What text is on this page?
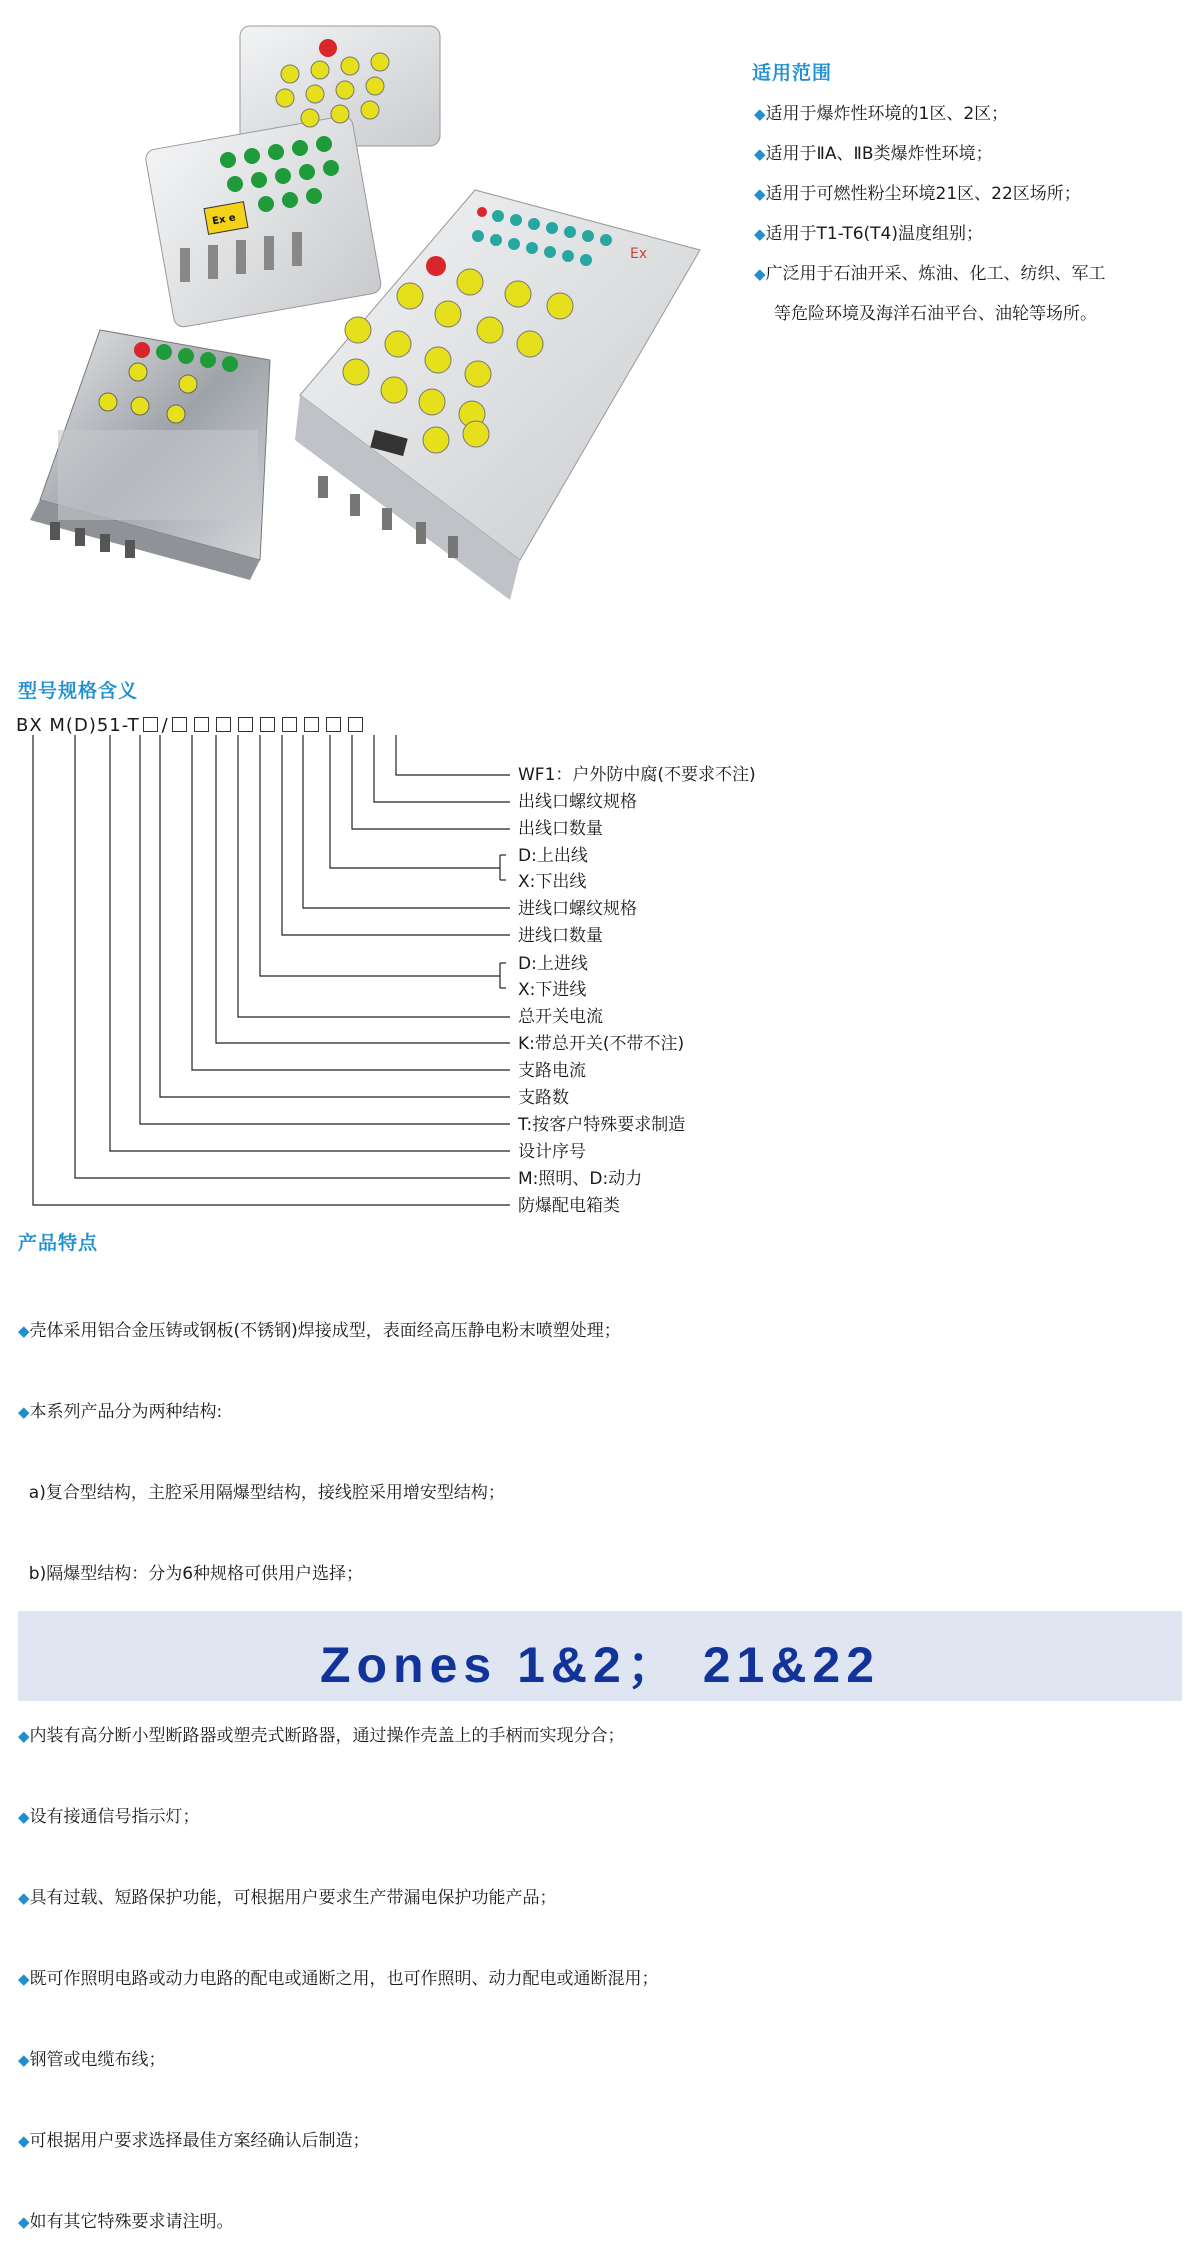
Ex e
Ex
适用范围
◆适用于爆炸性环境的1区、2区；
◆适用于ⅡA、ⅡB类爆炸性环境；
◆适用于可燃性粉尘环境21区、22区场所；
◆适用于T1-T6(T4)温度组别；
◆广泛用于石油开采、炼油、化工、纺织、军工
等危险环境及海洋石油平台、油轮等场所。
型号规格含义
BX M(D)51-T /
WF1：户外防中腐(不要求不注)
出线口螺纹规格
出线口数量
D:上出线
X:下出线
进线口螺纹规格
进线口数量
D:上进线
X:下进线
总开关电流
K:带总开关(不带不注)
支路电流
支路数
T:按客户特殊要求制造
设计序号
M:照明、D:动力
防爆配电箱类
产品特点

◆壳体采用铝合金压铸或钢板(不锈钢)焊接成型，表面经高压静电粉末喷塑处理；

◆本系列产品分为两种结构:

a)复合型结构，主腔采用隔爆型结构，接线腔采用增安型结构；

b)隔爆型结构：分为6种规格可供用户选择；

◆内装有高分断小型断路器或塑壳式断路器，通过操作壳盖上的手柄而实现分合；

◆设有接通信号指示灯；

◆具有过载、短路保护功能，可根据用户要求生产带漏电保护功能产品；

◆既可作照明电路或动力电路的配电或通断之用，也可作照明、动力配电或通断混用；

◆钢管或电缆布线；

◆可根据用户要求选择最佳方案经确认后制造；

◆如有其它特殊要求请注明。

Zones 1&2； 21&22
